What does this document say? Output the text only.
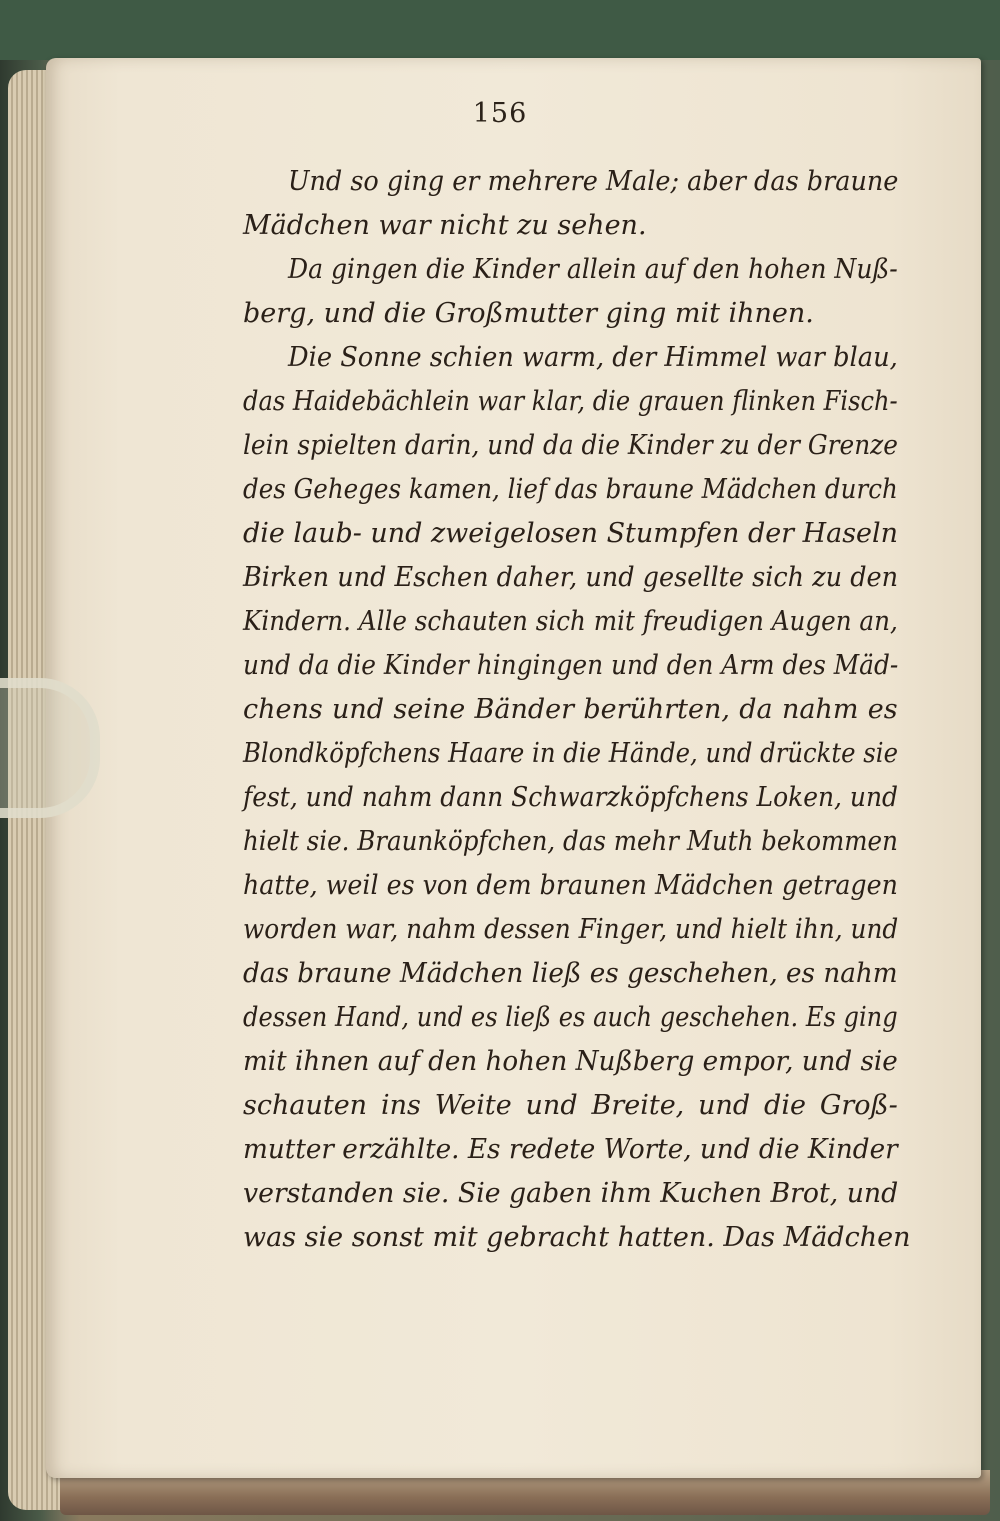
156
Und so ging er mehrere Male; aber das braune
Mädchen war nicht zu sehen.
Da gingen die Kinder allein auf den hohen Nuß-
berg, und die Großmutter ging mit ihnen.
Die Sonne schien warm, der Himmel war blau,
das Haidebächlein war klar, die grauen flinken Fisch-
lein spielten darin, und da die Kinder zu der Grenze
des Geheges kamen, lief das braune Mädchen durch
die laub- und zweigelosen Stumpfen der Haseln
Birken und Eschen daher, und gesellte sich zu den
Kindern. Alle schauten sich mit freudigen Augen an,
und da die Kinder hingingen und den Arm des Mäd-
chens und seine Bänder berührten, da nahm es
Blondköpfchens Haare in die Hände, und drückte sie
fest, und nahm dann Schwarzköpfchens Loken, und
hielt sie. Braunköpfchen, das mehr Muth bekommen
hatte, weil es von dem braunen Mädchen getragen
worden war, nahm dessen Finger, und hielt ihn, und
das braune Mädchen ließ es geschehen, es nahm
dessen Hand, und es ließ es auch geschehen. Es ging
mit ihnen auf den hohen Nußberg empor, und sie
schauten ins Weite und Breite, und die Groß-
mutter erzählte. Es redete Worte, und die Kinder
verstanden sie. Sie gaben ihm Kuchen Brot, und
was sie sonst mit gebracht hatten. Das Mädchen
